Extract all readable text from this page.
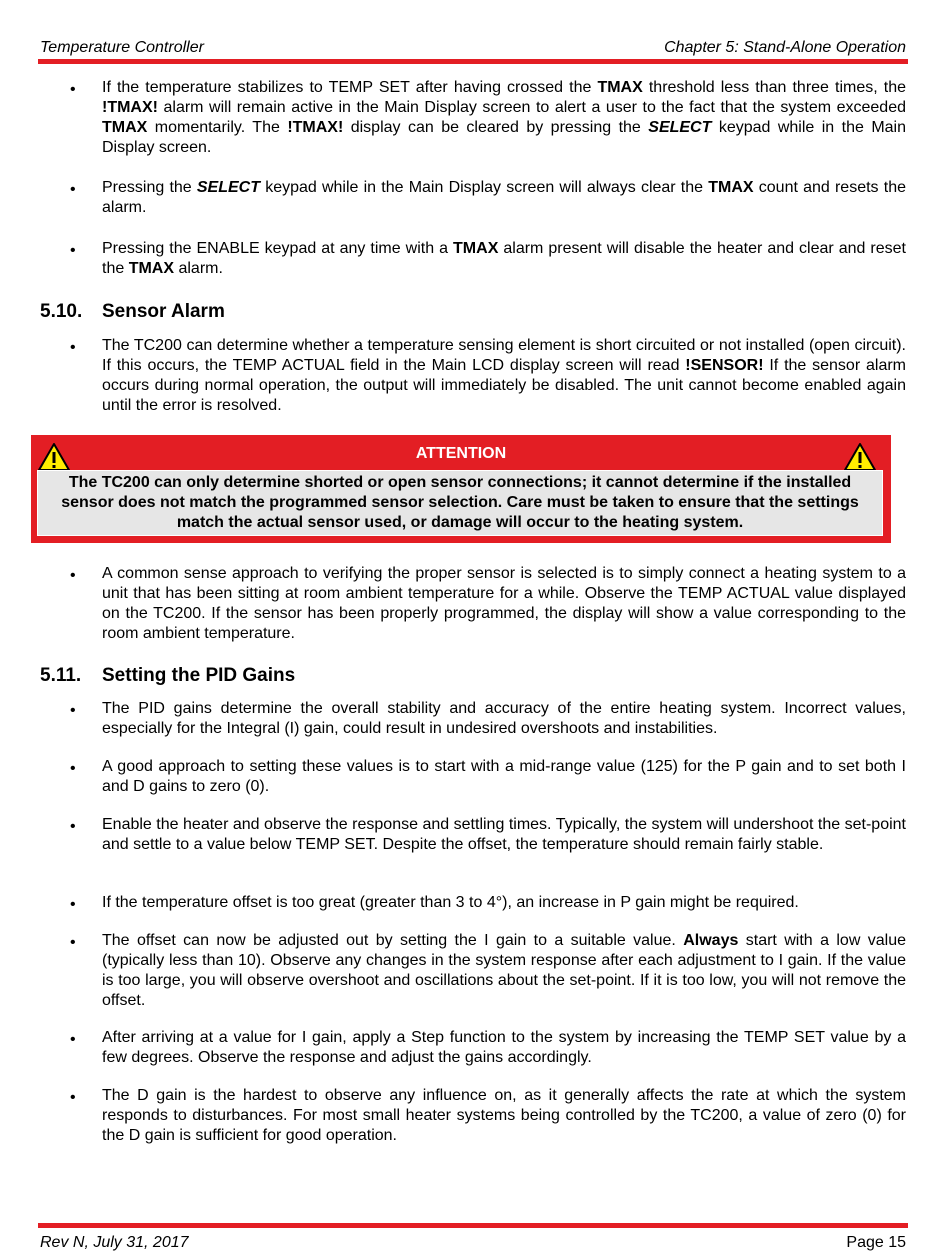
Temperature Controller	Chapter 5: Stand-Alone Operation
• If the temperature stabilizes to TEMP SET after having crossed the TMAX threshold less than three times, the !TMAX! alarm will remain active in the Main Display screen to alert a user to the fact that the system exceeded TMAX momentarily. The !TMAX! display can be cleared by pressing the SELECT keypad while in the Main Display screen.
• Pressing the SELECT keypad while in the Main Display screen will always clear the TMAX count and resets the alarm.
• Pressing the ENABLE keypad at any time with a TMAX alarm present will disable the heater and clear and reset the TMAX alarm.
5.10. Sensor Alarm
• The TC200 can determine whether a temperature sensing element is short circuited or not installed (open circuit). If this occurs, the TEMP ACTUAL field in the Main LCD display screen will read !SENSOR! If the sensor alarm occurs during normal operation, the output will immediately be disabled. The unit cannot become enabled again until the error is resolved.
ATTENTION
The TC200 can only determine shorted or open sensor connections; it cannot determine if the installed sensor does not match the programmed sensor selection. Care must be taken to ensure that the settings match the actual sensor used, or damage will occur to the heating system.
• A common sense approach to verifying the proper sensor is selected is to simply connect a heating system to a unit that has been sitting at room ambient temperature for a while. Observe the TEMP ACTUAL value displayed on the TC200. If the sensor has been properly programmed, the display will show a value corresponding to the room ambient temperature.
5.11. Setting the PID Gains
• The PID gains determine the overall stability and accuracy of the entire heating system. Incorrect values, especially for the Integral (I) gain, could result in undesired overshoots and instabilities.
• A good approach to setting these values is to start with a mid-range value (125) for the P gain and to set both I and D gains to zero (0).
• Enable the heater and observe the response and settling times. Typically, the system will undershoot the set-point and settle to a value below TEMP SET. Despite the offset, the temperature should remain fairly stable.
• If the temperature offset is too great (greater than 3 to 4°), an increase in P gain might be required.
• The offset can now be adjusted out by setting the I gain to a suitable value. Always start with a low value (typically less than 10). Observe any changes in the system response after each adjustment to I gain. If the value is too large, you will observe overshoot and oscillations about the set-point. If it is too low, you will not remove the offset.
• After arriving at a value for I gain, apply a Step function to the system by increasing the TEMP SET value by a few degrees. Observe the response and adjust the gains accordingly.
• The D gain is the hardest to observe any influence on, as it generally affects the rate at which the system responds to disturbances. For most small heater systems being controlled by the TC200, a value of zero (0) for the D gain is sufficient for good operation.
Rev N, July 31, 2017	Page 15
